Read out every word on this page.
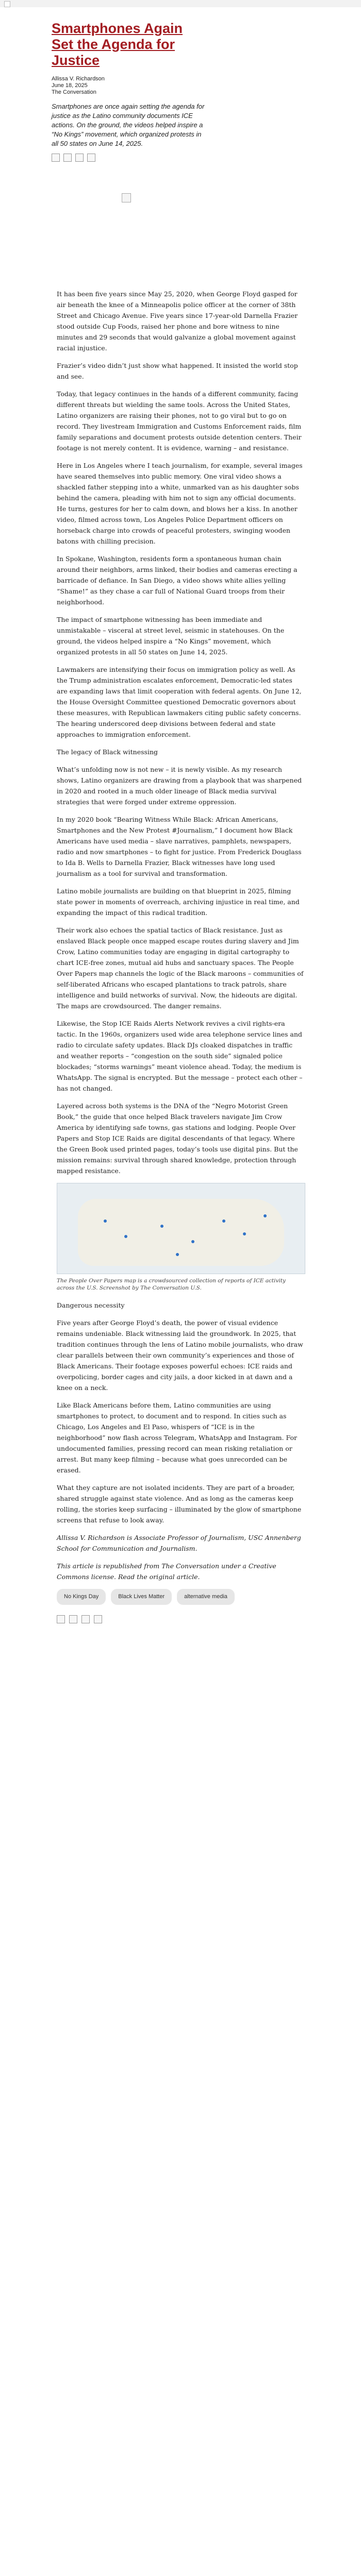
Smartphones Again Set the Agenda for Justice
Allissa V. Richardson
June 18, 2025
The Conversation
Smartphones are once again setting the agenda for justice as the Latino community documents ICE actions. On the ground, the videos helped inspire a “No Kings” movement, which organized protests in all 50 states on June 14, 2025.

It has been five years since May 25, 2020, when George Floyd gasped for air beneath the knee of a Minneapolis police officer at the corner of 38th Street and Chicago Avenue. Five years since 17-year-old Darnella Frazier stood outside Cup Foods, raised her phone and bore witness to nine minutes and 29 seconds that would galvanize a global movement against racial injustice.

Frazier’s video didn’t just show what happened. It insisted the world stop and see.

Today, that legacy continues in the hands of a different community, facing different threats but wielding the same tools. Across the United States, Latino organizers are raising their phones, not to go viral but to go on record. They livestream Immigration and Customs Enforcement raids, film family separations and document protests outside detention centers. Their footage is not merely content. It is evidence, warning – and resistance.

Here in Los Angeles where I teach journalism, for example, several images have seared themselves into public memory. One viral video shows a shackled father stepping into a white, unmarked van as his daughter sobs behind the camera, pleading with him not to sign any official documents. He turns, gestures for her to calm down, and blows her a kiss. In another video, filmed across town, Los Angeles Police Department officers on horseback charge into crowds of peaceful protesters, swinging wooden batons with chilling precision.

In Spokane, Washington, residents form a spontaneous human chain around their neighbors, arms linked, their bodies and cameras erecting a barricade of defiance. In San Diego, a video shows white allies yelling “Shame!” as they chase a car full of National Guard troops from their neighborhood.

The impact of smartphone witnessing has been immediate and unmistakable – visceral at street level, seismic in statehouses. On the ground, the videos helped inspire a “No Kings” movement, which organized protests in all 50 states on June 14, 2025.

Lawmakers are intensifying their focus on immigration policy as well. As the Trump administration escalates enforcement, Democratic-led states are expanding laws that limit cooperation with federal agents. On June 12, the House Oversight Committee questioned Democratic governors about these measures, with Republican lawmakers citing public safety concerns. The hearing underscored deep divisions between federal and state approaches to immigration enforcement.

The legacy of Black witnessing

What’s unfolding now is not new – it is newly visible. As my research shows, Latino organizers are drawing from a playbook that was sharpened in 2020 and rooted in a much older lineage of Black media survival strategies that were forged under extreme oppression.

In my 2020 book “Bearing Witness While Black: African Americans, Smartphones and the New Protest #Journalism,” I document how Black Americans have used media – slave narratives, pamphlets, newspapers, radio and now smartphones – to fight for justice. From Frederick Douglass to Ida B. Wells to Darnella Frazier, Black witnesses have long used journalism as a tool for survival and transformation.

Latino mobile journalists are building on that blueprint in 2025, filming state power in moments of overreach, archiving injustice in real time, and expanding the impact of this radical tradition.

Their work also echoes the spatial tactics of Black resistance. Just as enslaved Black people once mapped escape routes during slavery and Jim Crow, Latino communities today are engaging in digital cartography to chart ICE-free zones, mutual aid hubs and sanctuary spaces. The People Over Papers map channels the logic of the Black maroons – communities of self-liberated Africans who escaped plantations to track patrols, share intelligence and build networks of survival. Now, the hideouts are digital. The maps are crowdsourced. The danger remains.

Likewise, the Stop ICE Raids Alerts Network revives a civil rights-era tactic. In the 1960s, organizers used wide area telephone service lines and radio to circulate safety updates. Black DJs cloaked dispatches in traffic and weather reports – “congestion on the south side” signaled police blockades; “storms warnings” meant violence ahead. Today, the medium is WhatsApp. The signal is encrypted. But the message – protect each other – has not changed.

Layered across both systems is the DNA of the “Negro Motorist Green Book,” the guide that once helped Black travelers navigate Jim Crow America by identifying safe towns, gas stations and lodging. People Over Papers and Stop ICE Raids are digital descendants of that legacy. Where the Green Book used printed pages, today’s tools use digital pins. But the mission remains: survival through shared knowledge, protection through mapped resistance.

The People Over Papers map is a crowdsourced collection of reports of ICE activity across the U.S. Screenshot by The Conversation U.S.

Dangerous necessity

Five years after George Floyd’s death, the power of visual evidence remains undeniable. Black witnessing laid the groundwork. In 2025, that tradition continues through the lens of Latino mobile journalists, who draw clear parallels between their own community’s experiences and those of Black Americans. Their footage exposes powerful echoes: ICE raids and overpolicing, border cages and city jails, a door kicked in at dawn and a knee on a neck.

Like Black Americans before them, Latino communities are using smartphones to protect, to document and to respond. In cities such as Chicago, Los Angeles and El Paso, whispers of “ICE is in the neighborhood” now flash across Telegram, WhatsApp and Instagram. For undocumented families, pressing record can mean risking retaliation or arrest. But many keep filming – because what goes unrecorded can be erased.

What they capture are not isolated incidents. They are part of a broader, shared struggle against state violence. And as long as the cameras keep rolling, the stories keep surfacing – illuminated by the glow of smartphone screens that refuse to look away.

Allissa V. Richardson is Associate Professor of Journalism, USC Annenberg School for Communication and Journalism.

This article is republished from The Conversation under a Creative Commons license. Read the original article.

No Kings Day	Black Lives Matter	alternative media
